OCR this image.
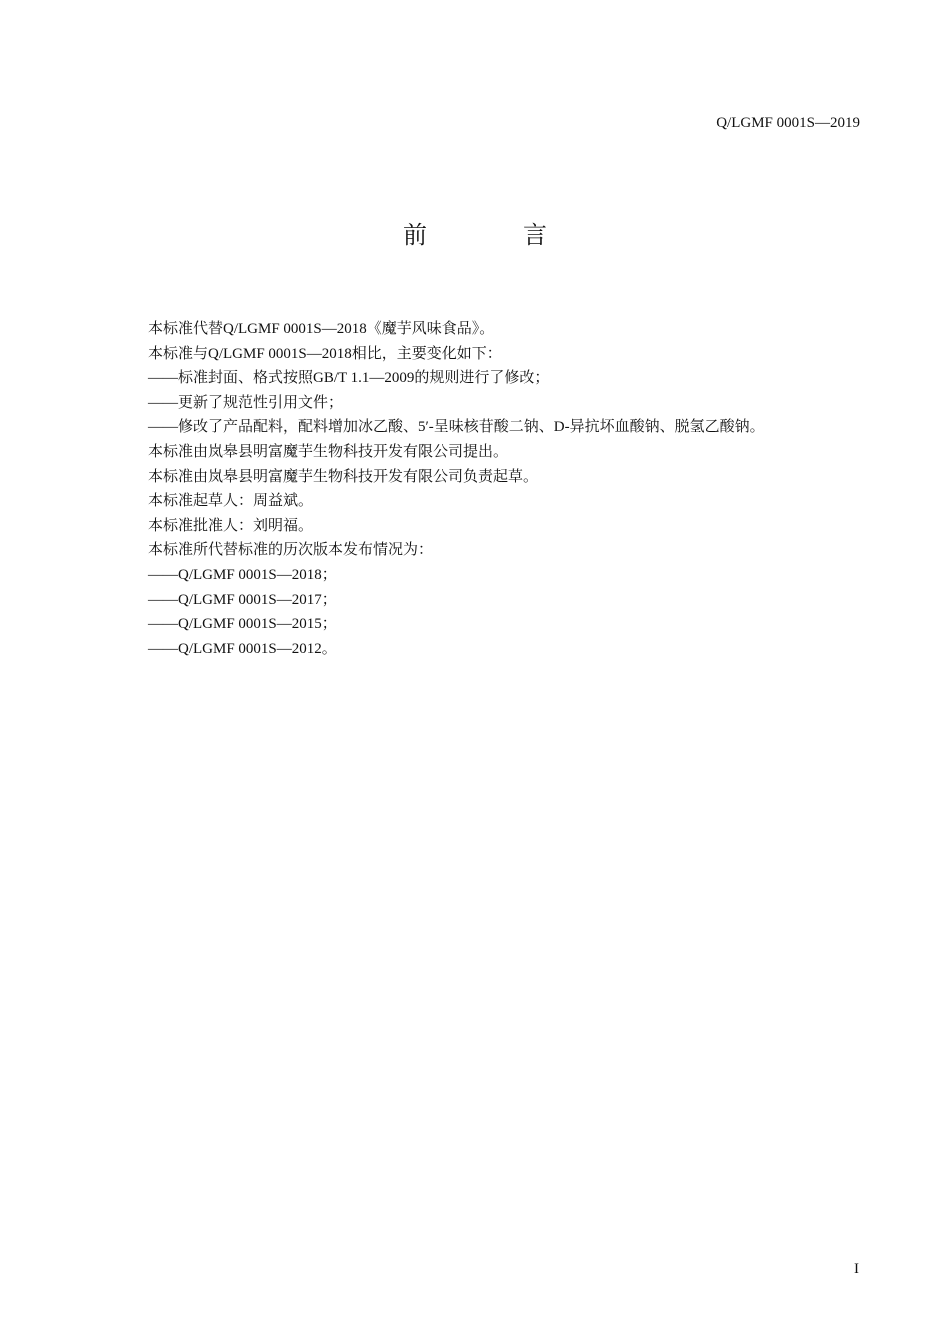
Q/LGMF 0001S—2019
前　言
本标准代替Q/LGMF 0001S—2018《魔芋风味食品》。
本标准与Q/LGMF 0001S—2018相比，主要变化如下：
——标准封面、格式按照GB/T 1.1—2009的规则进行了修改；
——更新了规范性引用文件；
——修改了产品配料，配料增加冰乙酸、5′-呈味核苷酸二钠、D-异抗坏血酸钠、脱氢乙酸钠。
本标准由岚皋县明富魔芋生物科技开发有限公司提出。
本标准由岚皋县明富魔芋生物科技开发有限公司负责起草。
本标准起草人：周益斌。
本标准批准人：刘明福。
本标准所代替标准的历次版本发布情况为：
——Q/LGMF 0001S—2018；
——Q/LGMF 0001S—2017；
——Q/LGMF 0001S—2015；
——Q/LGMF 0001S—2012。
I
